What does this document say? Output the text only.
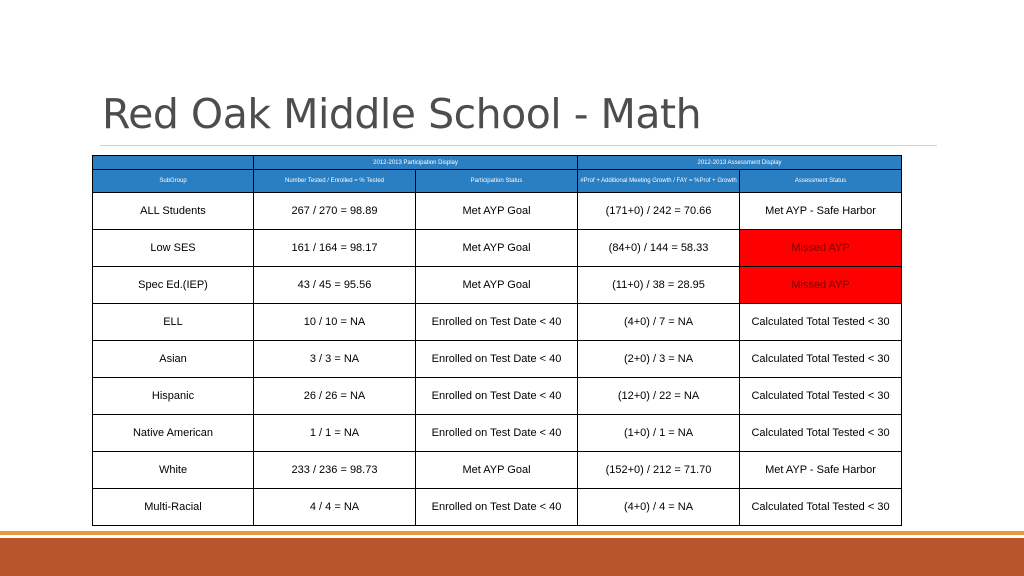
Red Oak Middle School - Math
	2012-2013 Participation Display		2012-2013 Assessment Display	
SubGroup	Number Tested / Enrolled = % Tested	Participation Status	#Prof + Additional Meeting Growth / FAY = %Prof + Growth	Assessment Status
ALL Students	267 / 270 = 98.89	Met AYP Goal	(171+0) / 242 = 70.66	Met AYP - Safe Harbor
Low SES	161 / 164 = 98.17	Met AYP Goal	(84+0) / 144 = 58.33	Missed AYP
Spec Ed.(IEP)	43 / 45 = 95.56	Met AYP Goal	(11+0) / 38 = 28.95	Missed AYP
ELL	10 / 10 = NA	Enrolled on Test Date < 40	(4+0) / 7 = NA	Calculated Total Tested < 30
Asian	3 / 3 = NA	Enrolled on Test Date < 40	(2+0) / 3 = NA	Calculated Total Tested < 30
Hispanic	26 / 26 = NA	Enrolled on Test Date < 40	(12+0) / 22 = NA	Calculated Total Tested < 30
Native American	1 / 1 = NA	Enrolled on Test Date < 40	(1+0) / 1 = NA	Calculated Total Tested < 30
White	233 / 236 = 98.73	Met AYP Goal	(152+0) / 212 = 71.70	Met AYP - Safe Harbor
Multi-Racial	4 / 4 = NA	Enrolled on Test Date < 40	(4+0) / 4 = NA	Calculated Total Tested < 30
